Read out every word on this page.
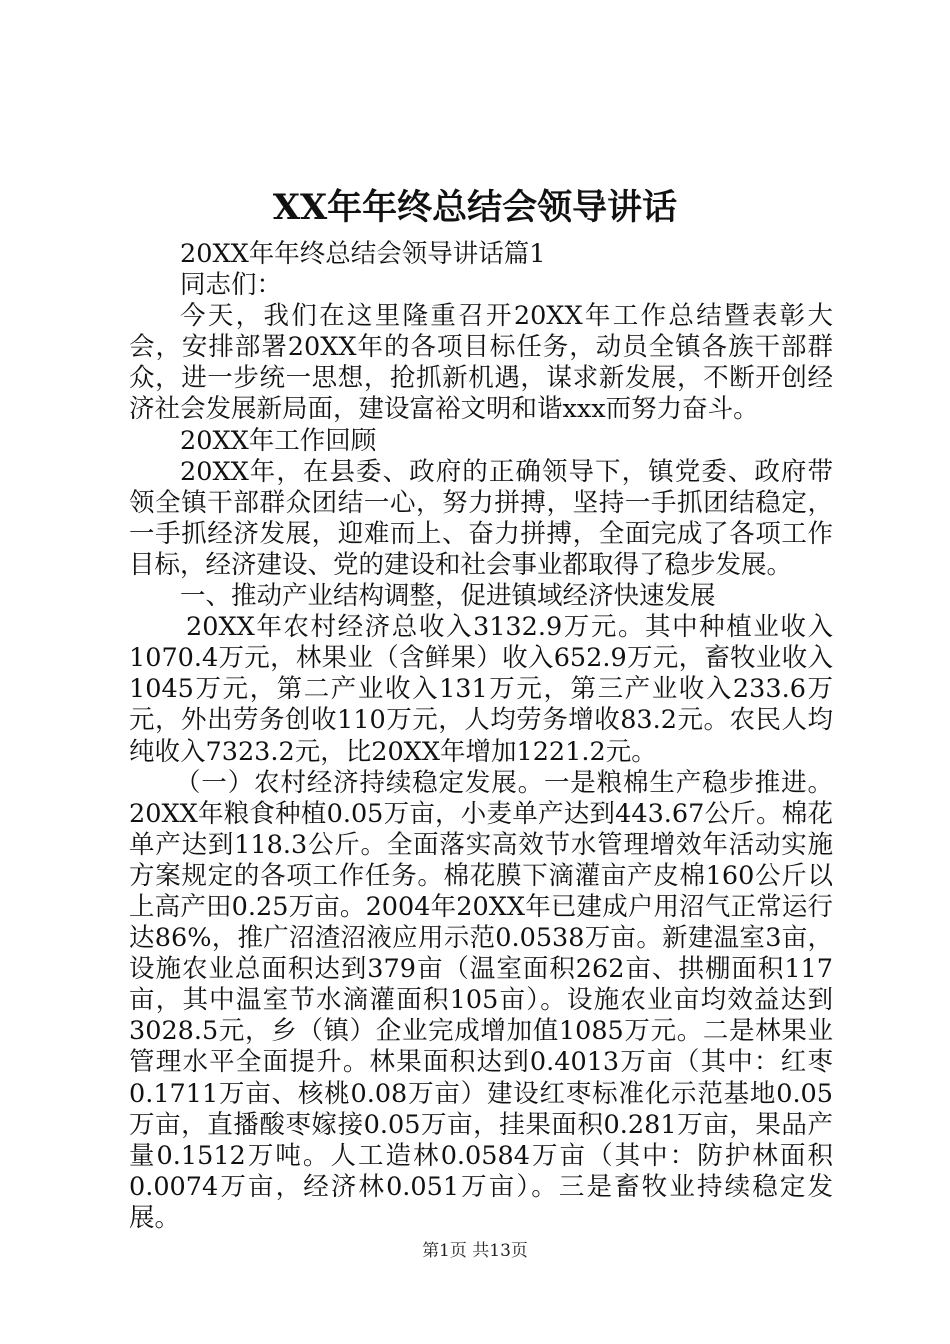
XX年年终总结会领导讲话

20XX年年终总结会领导讲话篇1

同志们：

今天，我们在这里隆重召开20XX年工作总结暨表彰大会，安排部署20XX年的各项目标任务，动员全镇各族干部群众，进一步统一思想，抢抓新机遇，谋求新发展，不断开创经济社会发展新局面，建设富裕文明和谐xxx而努力奋斗。

20XX年工作回顾

20XX年，在县委、政府的正确领导下，镇党委、政府带领全镇干部群众团结一心，努力拼搏，坚持一手抓团结稳定，一手抓经济发展，迎难而上、奋力拼搏，全面完成了各项工作目标，经济建设、党的建设和社会事业都取得了稳步发展。

一、推动产业结构调整，促进镇域经济快速发展

20XX年农村经济总收入3132.9万元。其中种植业收入1070.4万元，林果业（含鲜果）收入652.9万元，畜牧业收入1045万元，第二产业收入131万元，第三产业收入233.6万元，外出劳务创收110万元，人均劳务增收83.2元。农民人均纯收入7323.2元，比20XX年增加1221.2元。

（一）农村经济持续稳定发展。一是粮棉生产稳步推进。20XX年粮食种植0.05万亩，小麦单产达到443.67公斤。棉花单产达到118.3公斤。全面落实高效节水管理增效年活动实施方案规定的各项工作任务。棉花膜下滴灌亩产皮棉160公斤以上高产田0.25万亩。2004年20XX年已建成户用沼气正常运行达86%，推广沼渣沼液应用示范0.0538万亩。新建温室3亩，设施农业总面积达到379亩（温室面积262亩、拱棚面积117亩，其中温室节水滴灌面积105亩）。设施农业亩均效益达到3028.5元，乡（镇）企业完成增加值1085万元。二是林果业管理水平全面提升。林果面积达到0.4013万亩（其中：红枣0.1711万亩、核桃0.08万亩）建设红枣标准化示范基地0.05万亩，直播酸枣嫁接0.05万亩，挂果面积0.281万亩，果品产量0.1512万吨。人工造林0.0584万亩（其中：防护林面积0.0074万亩，经济林0.051万亩）。三是畜牧业持续稳定发展。

第1页 共13页
